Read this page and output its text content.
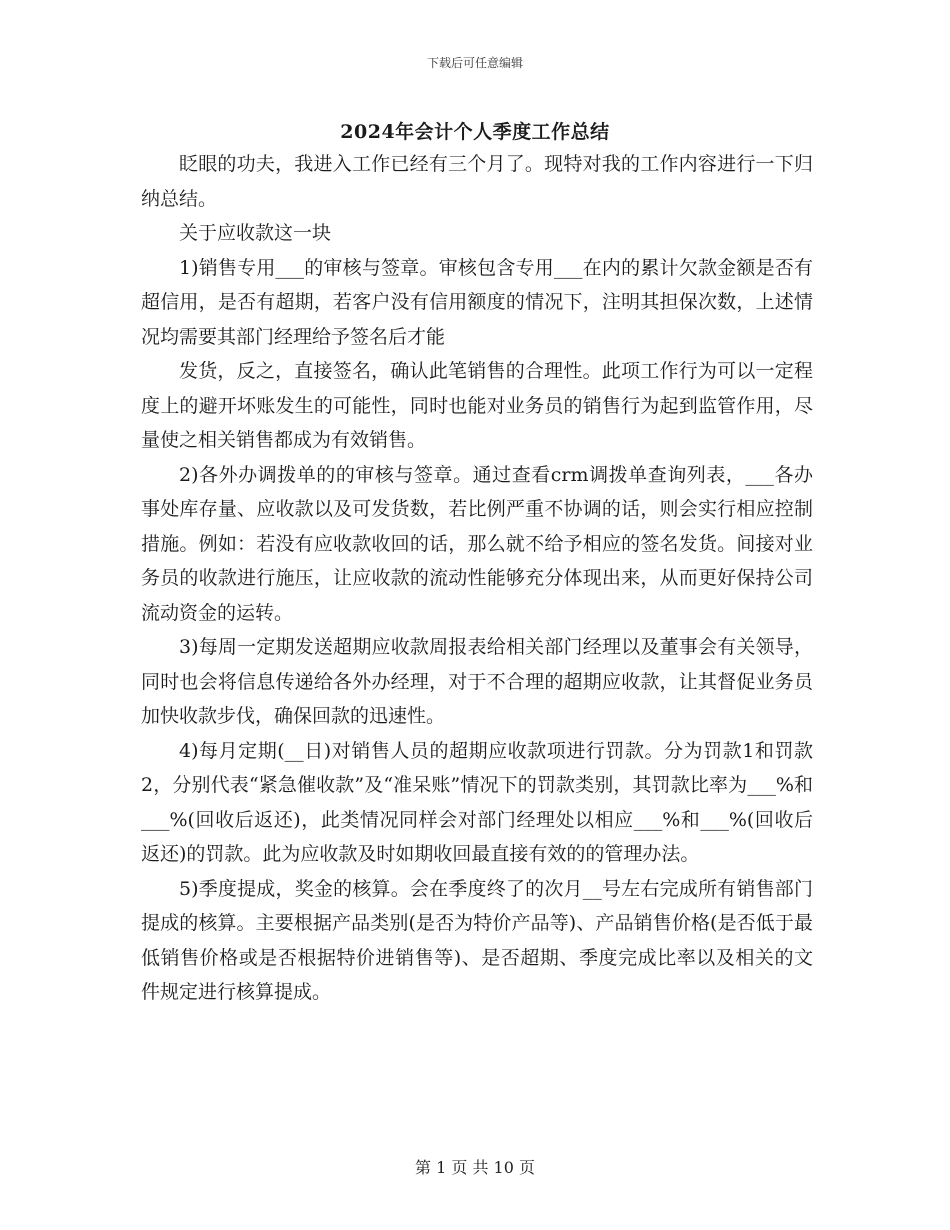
下载后可任意编辑
2024年会计个人季度工作总结

眨眼的功夫，我进入工作已经有三个月了。现特对我的工作内容进行一下归纳总结。

关于应收款这一块

1)销售专用___的审核与签章。审核包含专用___在内的累计欠款金额是否有超信用，是否有超期，若客户没有信用额度的情况下，注明其担保次数，上述情况均需要其部门经理给予签名后才能

发货，反之，直接签名，确认此笔销售的合理性。此项工作行为可以一定程度上的避开坏账发生的可能性，同时也能对业务员的销售行为起到监管作用，尽量使之相关销售都成为有效销售。

2)各外办调拨单的的审核与签章。通过查看crm调拨单查询列表，___各办事处库存量、应收款以及可发货数，若比例严重不协调的话，则会实行相应控制措施。例如：若没有应收款收回的话，那么就不给予相应的签名发货。间接对业务员的收款进行施压，让应收款的流动性能够充分体现出来，从而更好保持公司流动资金的运转。

3)每周一定期发送超期应收款周报表给相关部门经理以及董事会有关领导，同时也会将信息传递给各外办经理，对于不合理的超期应收款，让其督促业务员加快收款步伐，确保回款的迅速性。

4)每月定期(__日)对销售人员的超期应收款项进行罚款。分为罚款1和罚款2，分别代表“紧急催收款”及“准呆账”情况下的罚款类别，其罚款比率为___%和___%(回收后返还)，此类情况同样会对部门经理处以相应___%和___%(回收后返还)的罚款。此为应收款及时如期收回最直接有效的的管理办法。

5)季度提成，奖金的核算。会在季度终了的次月__号左右完成所有销售部门提成的核算。主要根据产品类别(是否为特价产品等)、产品销售价格(是否低于最低销售价格或是否根据特价进销售等)、是否超期、季度完成比率以及相关的文件规定进行核算提成。

第 1 页 共 10 页
